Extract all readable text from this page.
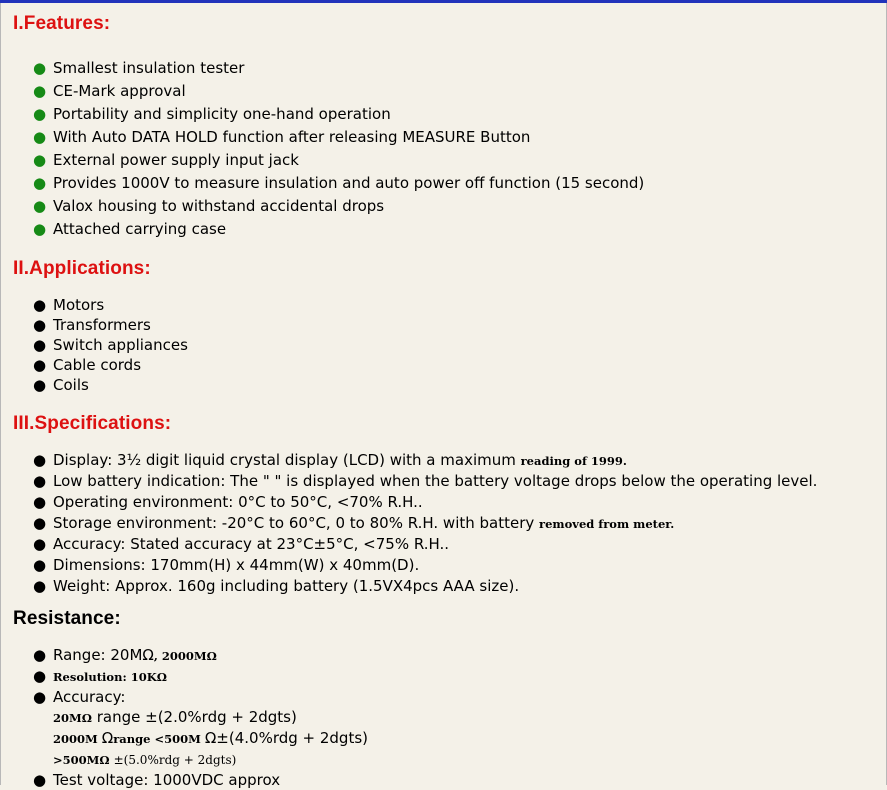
I.Features:
● Smallest insulation tester
● CE-Mark approval
● Portability and simplicity one-hand operation
● With Auto DATA HOLD function after releasing MEASURE Button
● External power supply input jack
● Provides 1000V to measure insulation and auto power off function (15 second)
● Valox housing to withstand accidental drops
● Attached carrying case
II.Applications:
● Motors
● Transformers
● Switch appliances
● Cable cords
● Coils
III.Specifications:
● Display: 3½ digit liquid crystal display (LCD) with a maximum reading of 1999.
● Low battery indication: The " " is displayed when the battery voltage drops below the operating level.
● Operating environment: 0°C to 50°C, <70% R.H..
● Storage environment: -20°C to 60°C, 0 to 80% R.H. with battery removed from meter.
● Accuracy: Stated accuracy at 23°C±5°C, <75% R.H..
● Dimensions: 170mm(H) x 44mm(W) x 40mm(D).
● Weight: Approx. 160g including battery (1.5VX4pcs AAA size).
Resistance:
● Range: 20MΩ, 2000MΩ
● Resolution: 10KΩ
● Accuracy:
20MΩ range ±(2.0%rdg + 2dgts)
2000M Ωrange <500M Ω±(4.0%rdg + 2dgts)
>500MΩ ±(5.0%rdg + 2dgts)
● Test voltage: 1000VDC approx
